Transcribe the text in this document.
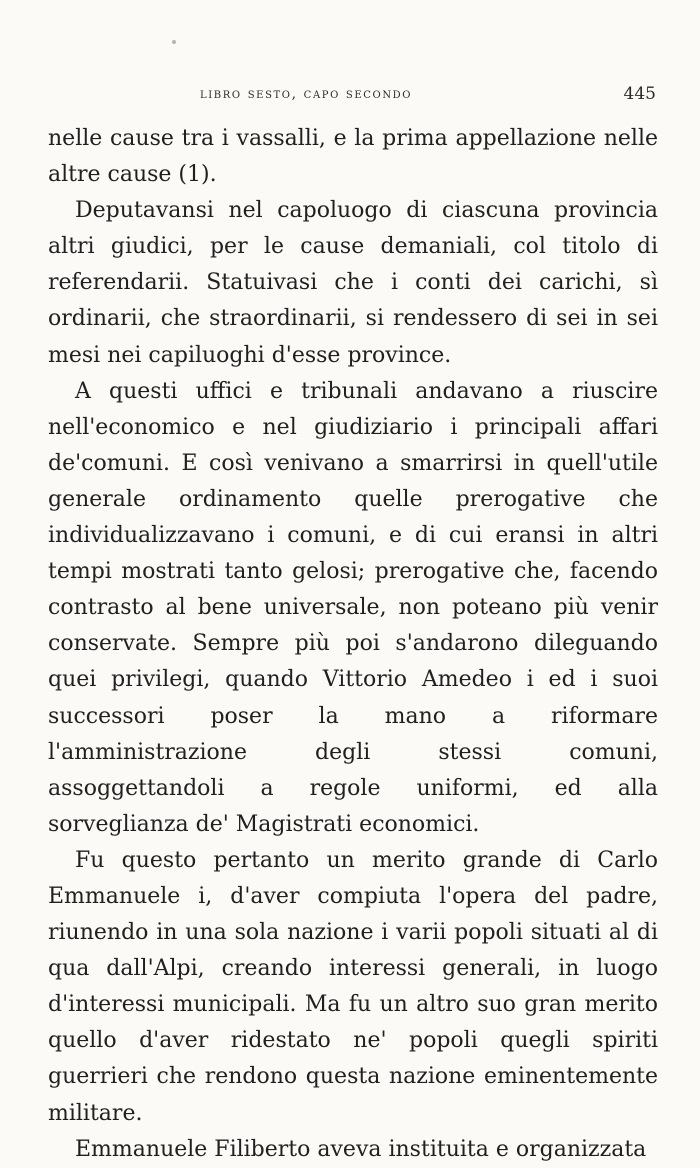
libro sesto, capo secondo	445

nelle cause tra i vassalli, e la prima appellazione nelle altre cause (1).

Deputavansi nel capoluogo di ciascuna provincia altri giudici, per le cause demaniali, col titolo di referendarii. Statuivasi che i conti dei carichi, sì ordinarii, che straordinarii, si rendessero di sei in sei mesi nei capiluoghi d'esse province.

A questi uffici e tribunali andavano a riuscire nell'economico e nel giudiziario i principali affari de'comuni. E così venivano a smarrirsi in quell'utile generale ordinamento quelle prerogative che individualizzavano i comuni, e di cui eransi in altri tempi mostrati tanto gelosi; prerogative che, facendo contrasto al bene universale, non poteano più venir conservate. Sempre più poi s'andarono dileguando quei privilegi, quando Vittorio Amedeo i ed i suoi successori poser la mano a riformare l'amministrazione degli stessi comuni, assoggettandoli a regole uniformi, ed alla sorveglianza de' Magistrati economici.

Fu questo pertanto un merito grande di Carlo Emmanuele i, d'aver compiuta l'opera del padre, riunendo in una sola nazione i varii popoli situati al di qua dall'Alpi, creando interessi generali, in luogo d'interessi municipali. Ma fu un altro suo gran merito quello d'aver ridestato ne' popoli quegli spiriti guerrieri che rendono questa nazione eminentemente militare.

Emmanuele Filiberto aveva instituita e organizzata
